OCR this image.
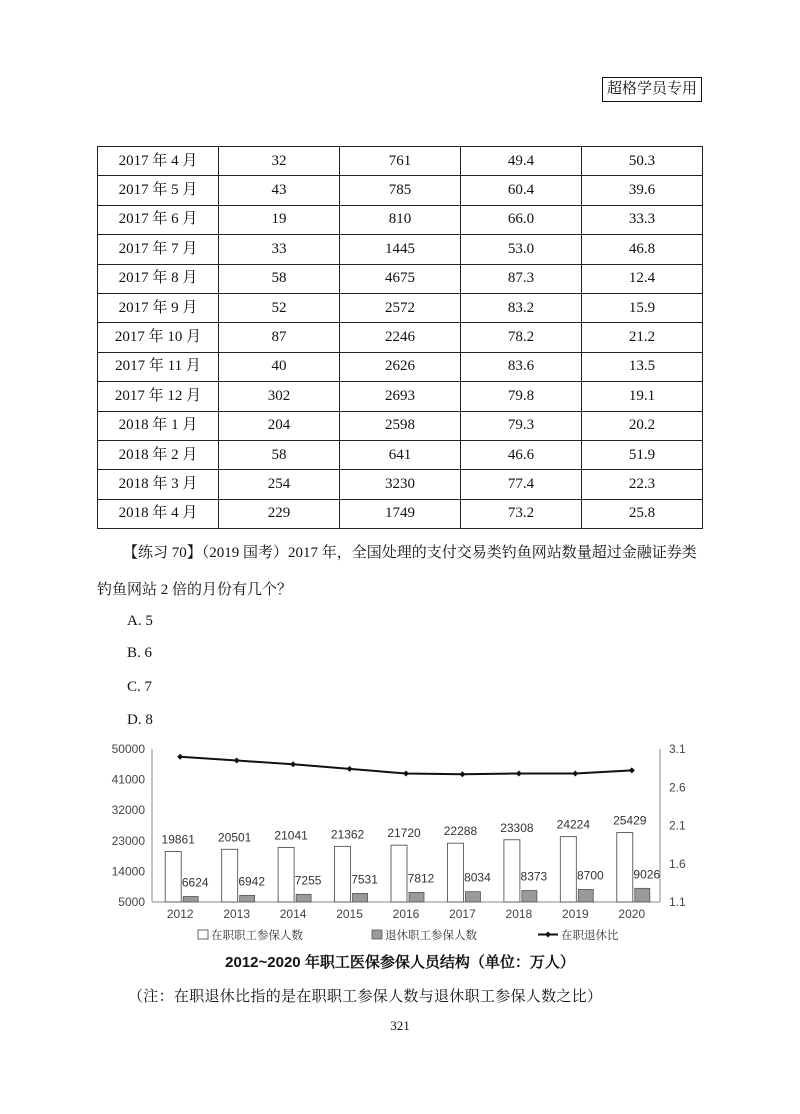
超格学员专用
2017 年 4 月	32	761	49.4	50.3
2017 年 5 月	43	785	60.4	39.6
2017 年 6 月	19	810	66.0	33.3
2017 年 7 月	33	1445	53.0	46.8
2017 年 8 月	58	4675	87.3	12.4
2017 年 9 月	52	2572	83.2	15.9
2017 年 10 月	87	2246	78.2	21.2
2017 年 11 月	40	2626	83.6	13.5
2017 年 12 月	302	2693	79.8	19.1
2018 年 1 月	204	2598	79.3	20.2
2018 年 2 月	58	641	46.6	51.9
2018 年 3 月	254	3230	77.4	22.3
2018 年 4 月	229	1749	73.2	25.8
【练习 70】（2019 国考）2017 年，全国处理的支付交易类钓鱼网站数量超过金融证券类
钓鱼网站 2 倍的月份有几个？
A. 5
B. 6
C. 7
D. 8
50000
41000
32000
23000
14000
5000
3.1
2.6
2.1
1.6
1.1
2012 2013 2014 2015 2016 2017 2018 2019 2020
19861 20501 21041 21362 21720 22288 23308 24224 25429
6624 6942 7255 7531 7812 8034 8373 8700 9026
在职职工参保人数	退休职工参保人数	在职退休比
2012~2020 年职工医保参保人员结构（单位：万人）
（注：在职退休比指的是在职职工参保人数与退休职工参保人数之比）
321
